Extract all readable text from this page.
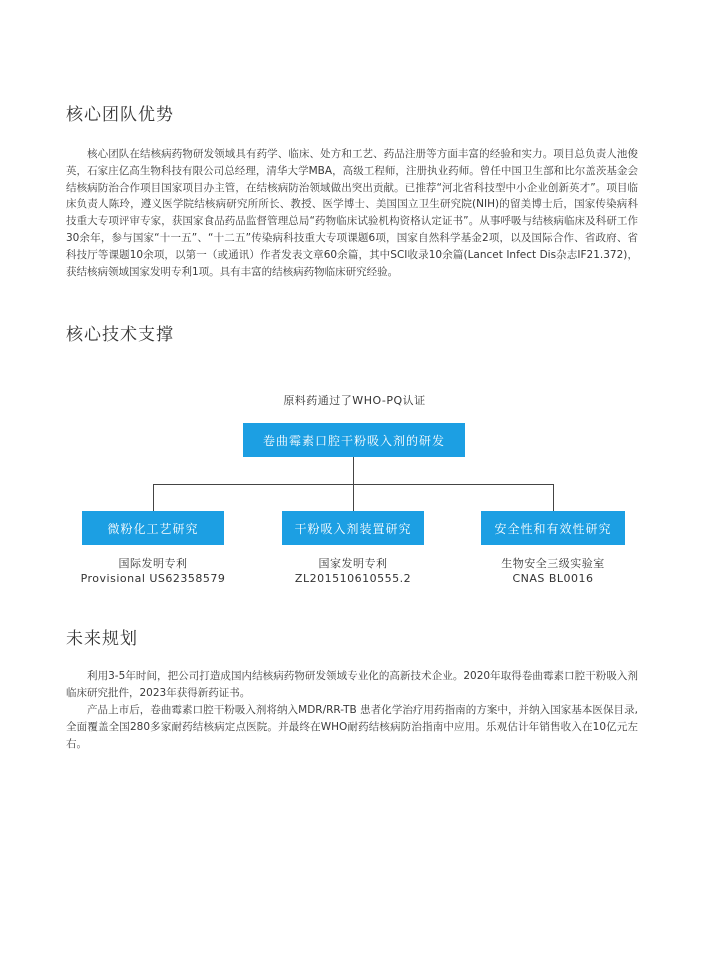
核心团队优势

核心团队在结核病药物研发领域具有药学、临床、处方和工艺、药品注册等方面丰富的经验和实力。项目总负责人池俊英，石家庄亿高生物科技有限公司总经理，清华大学MBA，高级工程师，注册执业药师。曾任中国卫生部和比尔盖茨基金会结核病防治合作项目国家项目办主管，在结核病防治领域做出突出贡献。已推荐“河北省科技型中小企业创新英才”。项目临床负责人陈玲，遵义医学院结核病研究所所长、教授、医学博士、美国国立卫生研究院(NIH)的留美博士后，国家传染病科技重大专项评审专家，获国家食品药品监督管理总局“药物临床试验机构资格认定证书”。从事呼吸与结核病临床及科研工作30余年，参与国家“十一五”、“十二五”传染病科技重大专项课题6项，国家自然科学基金2项，以及国际合作、省政府、省科技厅等课题10余项，以第一（或通讯）作者发表文章60余篇，其中SCI收录10余篇(Lancet Infect Dis杂志IF21.372)，获结核病领域国家发明专利1项。具有丰富的结核病药物临床研究经验。

核心技术支撑
原料药通过了WHO-PQ认证
卷曲霉素口腔干粉吸入剂的研发
微粉化工艺研究	干粉吸入剂装置研究	安全性和有效性研究
国际发明专利
Provisional US62358579
国家发明专利
ZL201510610555.2
生物安全三级实验室
CNAS BL0016
未来规划

利用3-5年时间，把公司打造成国内结核病药物研发领域专业化的高新技术企业。2020年取得卷曲霉素口腔干粉吸入剂临床研究批件，2023年获得新药证书。

产品上市后，卷曲霉素口腔干粉吸入剂将纳入MDR/RR-TB 患者化学治疗用药指南的方案中，并纳入国家基本医保目录,全面覆盖全国280多家耐药结核病定点医院。并最终在WHO耐药结核病防治指南中应用。乐观估计年销售收入在10亿元左右。
